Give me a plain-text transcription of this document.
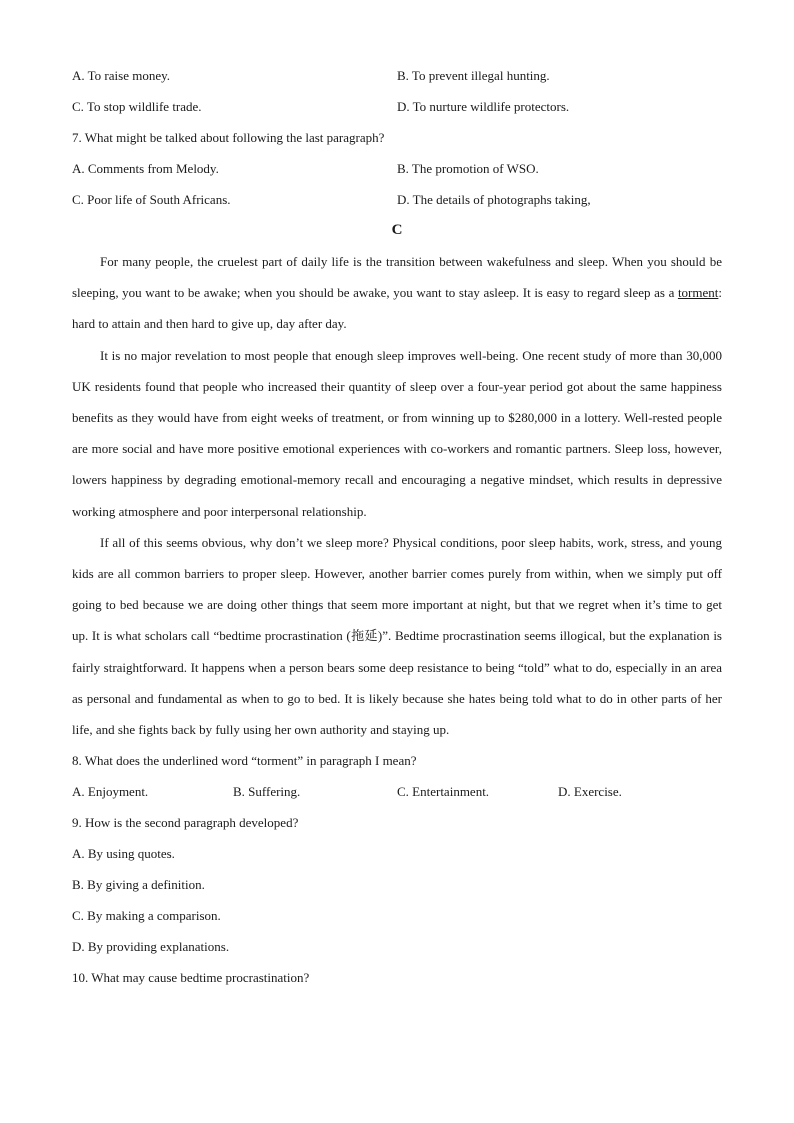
A. To raise money.	B. To prevent illegal hunting.
C. To stop wildlife trade.	D. To nurture wildlife protectors.
7. What might be talked about following the last paragraph?
A. Comments from Melody.	B. The promotion of WSO.
C. Poor life of South Africans.	D. The details of photographs taking,
C

For many people, the cruelest part of daily life is the transition between wakefulness and sleep. When you should be sleeping, you want to be awake; when you should be awake, you want to stay asleep. It is easy to regard sleep as a torment: hard to attain and then hard to give up, day after day.

It is no major revelation to most people that enough sleep improves well-being. One recent study of more than 30,000 UK residents found that people who increased their quantity of sleep over a four-year period got about the same happiness benefits as they would have from eight weeks of treatment, or from winning up to $280,000 in a lottery. Well-rested people are more social and have more positive emotional experiences with co-workers and romantic partners. Sleep loss, however, lowers happiness by degrading emotional-memory recall and encouraging a negative mindset, which results in depressive working atmosphere and poor interpersonal relationship.

If all of this seems obvious, why don’t we sleep more? Physical conditions, poor sleep habits, work, stress, and young kids are all common barriers to proper sleep. However, another barrier comes purely from within, when we simply put off going to bed because we are doing other things that seem more important at night, but that we regret when it’s time to get up. It is what scholars call “bedtime procrastination (拖延)”. Bedtime procrastination seems illogical, but the explanation is fairly straightforward. It happens when a person bears some deep resistance to being “told” what to do, especially in an area as personal and fundamental as when to go to bed. It is likely because she hates being told what to do in other parts of her life, and she fights back by fully using her own authority and staying up.

8. What does the underlined word “torment” in paragraph I mean?
A. Enjoyment.	B. Suffering.	C. Entertainment.	D. Exercise.
9. How is the second paragraph developed?
A. By using quotes.
B. By giving a definition.
C. By making a comparison.
D. By providing explanations.
10. What may cause bedtime procrastination?
